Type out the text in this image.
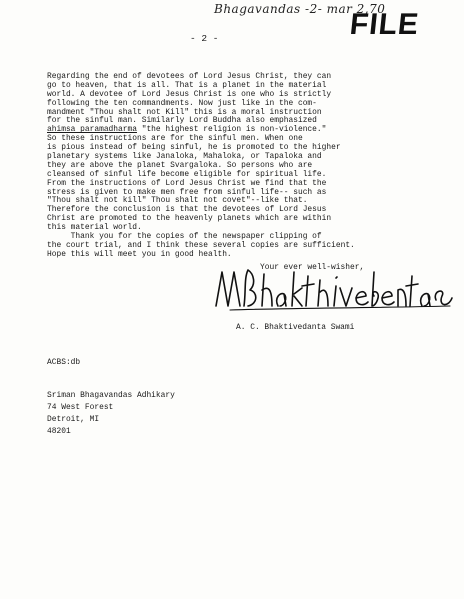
Bhagavandas -2- mar 2,70
FILE
- 2 -
Regarding the end of devotees of Lord Jesus Christ, they can
go to heaven, that is all. That is a planet in the material
world. A devotee of Lord Jesus Christ is one who is strictly
following the ten commandments. Now just like in the com-
mandment "Thou shalt not Kill" this is a moral instruction
for the sinful man. Similarly Lord Buddha also emphasized
ahimsa paramadharma "the highest religion is non-violence."
So these instructions are for the sinful men. When one
is pious instead of being sinful, he is promoted to the higher
planetary systems like Janaloka, Mahaloka, or Tapaloka and
they are above the planet Svargaloka. So persons who are
cleansed of sinful life become eligible for spiritual life.
From the instructions of Lord Jesus Christ we find that the
stress is given to make men free from sinful life-- such as
"Thou shalt not kill" Thou shalt not covet"--like that.
Therefore the conclusion is that the devotees of Lord Jesus
Christ are promoted to the heavenly planets which are within
this material world.
Thank you for the copies of the newspaper clipping of
the court trial, and I think these several copies are sufficient.
Hope this will meet you in good health.
Your ever well-wisher,
A. C. Bhaktivedanta Swami
ACBS:db
Sriman Bhagavandas Adhikary
74 West Forest
Detroit, MI
48201
